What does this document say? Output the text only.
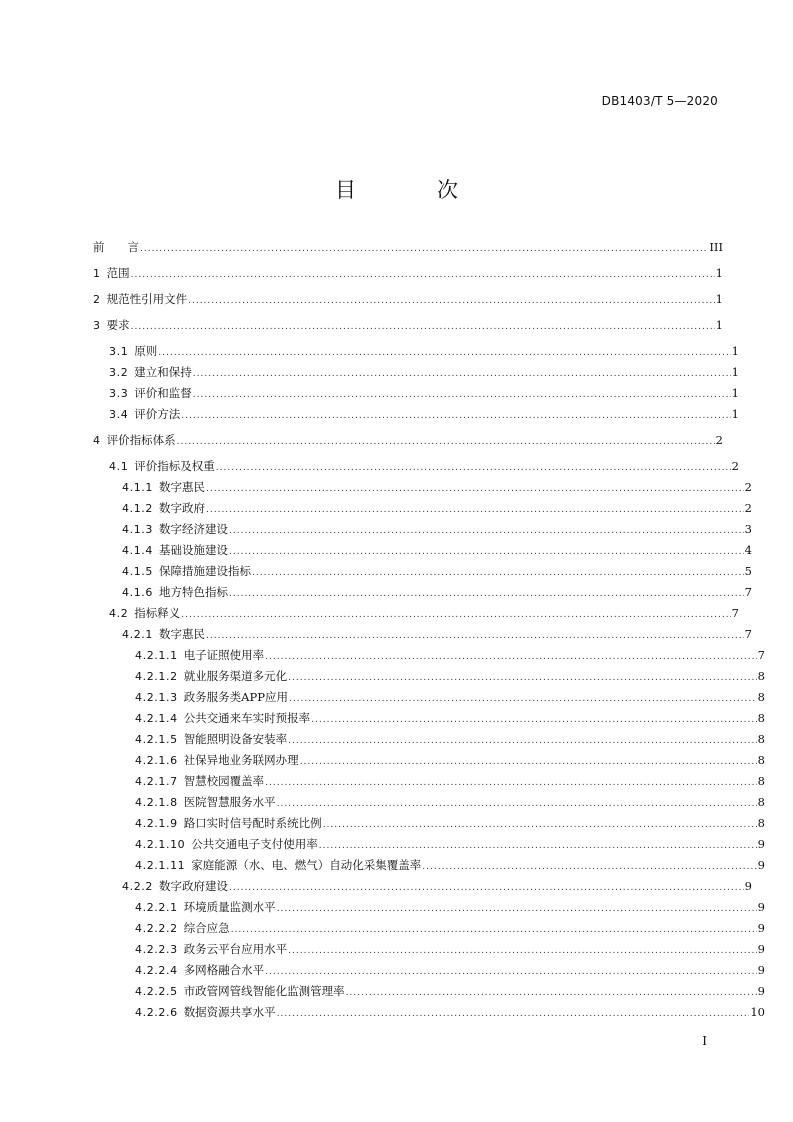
DB1403/T 5—2020
目　次
前　　言 .....	III
1 范围 .....	1
2 规范性引用文件 .....	1
3 要求 .....	1
3.1 原则 .....	1
3.2 建立和保持 .....	1
3.3 评价和监督 .....	1
3.4 评价方法 .....	1
4 评价指标体系 .....	2
4.1 评价指标及权重 .....	2
4.1.1 数字惠民 .....	2
4.1.2 数字政府 .....	2
4.1.3 数字经济建设 .....	3
4.1.4 基础设施建设 .....	4
4.1.5 保障措施建设指标 .....	5
4.1.6 地方特色指标 .....	7
4.2 指标释义 .....	7
4.2.1 数字惠民 .....	7
4.2.1.1 电子证照使用率 .....	7
4.2.1.2 就业服务渠道多元化 .....	8
4.2.1.3 政务服务类APP应用 .....	8
4.2.1.4 公共交通来车实时预报率 .....	8
4.2.1.5 智能照明设备安装率 .....	8
4.2.1.6 社保异地业务联网办理 .....	8
4.2.1.7 智慧校园覆盖率 .....	8
4.2.1.8 医院智慧服务水平 .....	8
4.2.1.9 路口实时信号配时系统比例 .....	8
4.2.1.10 公共交通电子支付使用率 .....	9
4.2.1.11 家庭能源（水、电、燃气）自动化采集覆盖率 .....	9
4.2.2 数字政府建设 .....	9
4.2.2.1 环境质量监测水平 .....	9
4.2.2.2 综合应急 .....	9
4.2.2.3 政务云平台应用水平 .....	9
4.2.2.4 多网格融合水平 .....	9
4.2.2.5 市政管网管线智能化监测管理率 .....	9
4.2.2.6 数据资源共享水平 .....	10
I
